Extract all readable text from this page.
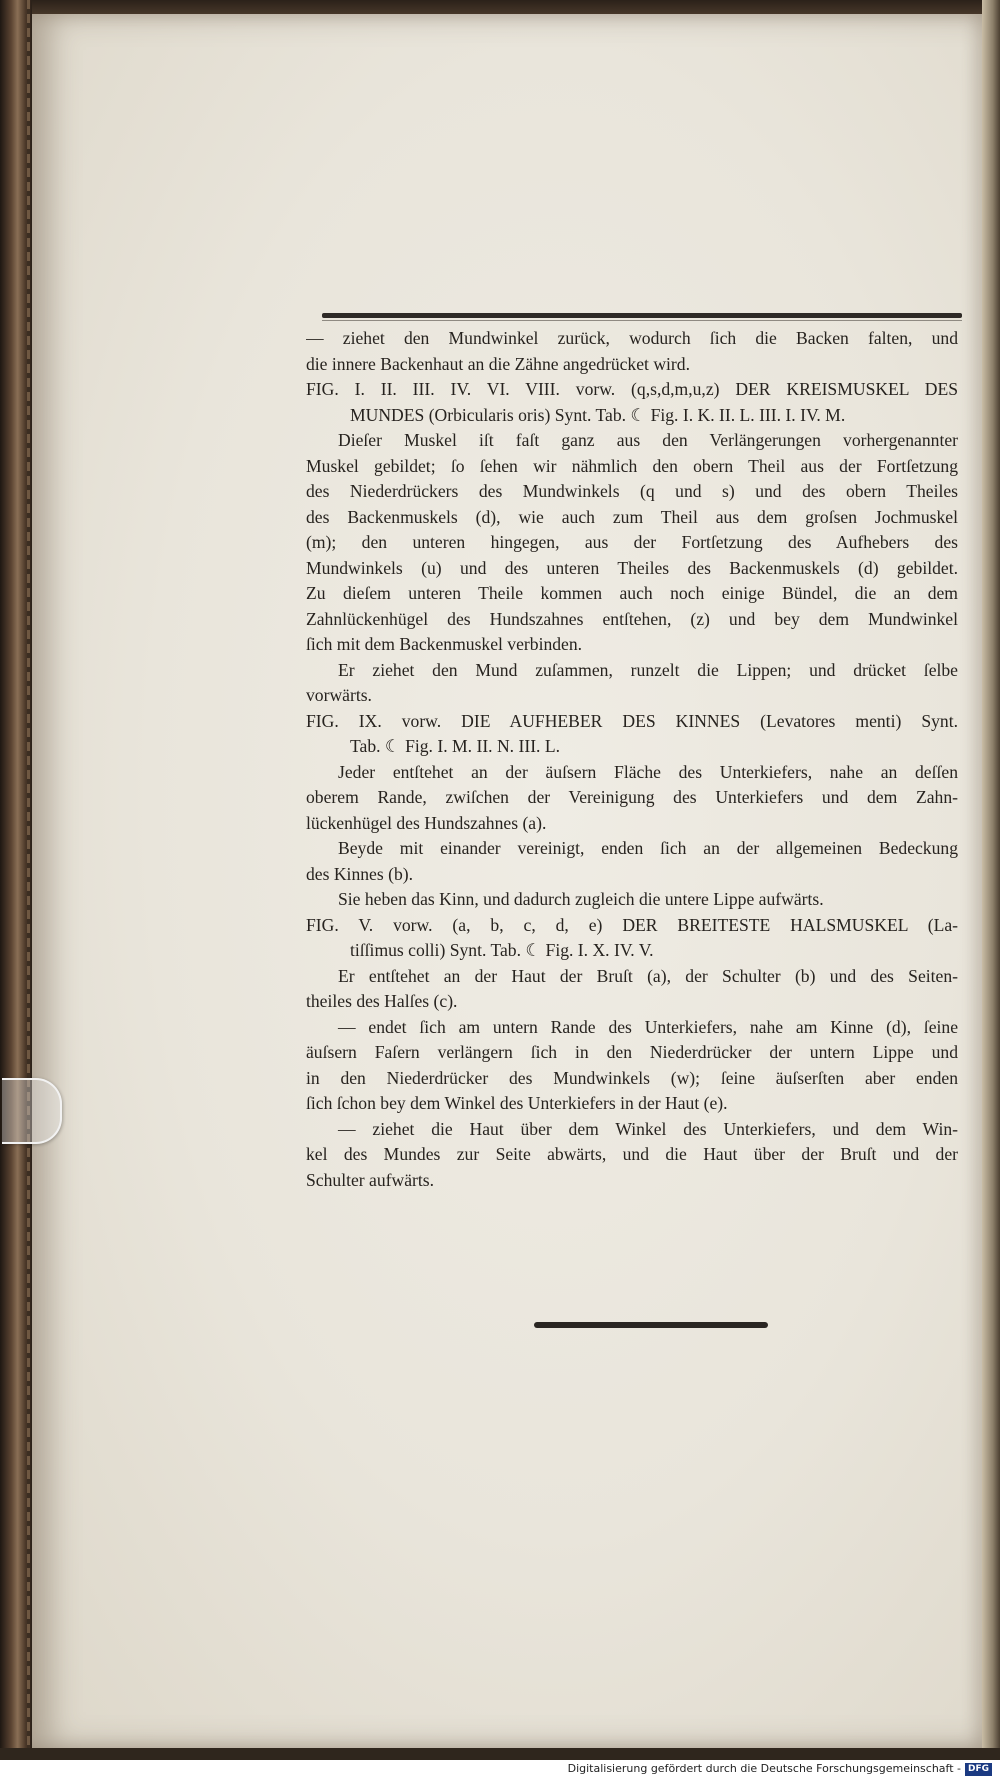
— ziehet den Mundwinkel zurück, wodurch ſich die Backen falten, und
die innere Backenhaut an die Zähne angedrücket wird.
FIG. I. II. III. IV. VI. VIII. vorw. (q,s,d,m,u,z) DER KREISMUSKEL DES
MUNDES (Orbicularis oris) Synt. Tab. ☾ Fig. I. K. II. L. III. I. IV. M.
Dieſer Muskel iſt faſt ganz aus den Verlängerungen vorhergenannter
Muskel gebildet; ſo ſehen wir nähmlich den obern Theil aus der Fortſetzung
des Niederdrückers des Mundwinkels (q und s) und des obern Theiles
des Backenmuskels (d), wie auch zum Theil aus dem groſsen Jochmuskel
(m); den unteren hingegen, aus der Fortſetzung des Aufhebers des
Mundwinkels (u) und des unteren Theiles des Backenmuskels (d) gebildet.
Zu dieſem unteren Theile kommen auch noch einige Bündel, die an dem
Zahnlückenhügel des Hundszahnes entſtehen, (z) und bey dem Mundwinkel
ſich mit dem Backenmuskel verbinden.
Er ziehet den Mund zuſammen, runzelt die Lippen; und drücket ſelbe
vorwärts.
FIG. IX. vorw. DIE AUFHEBER DES KINNES (Levatores menti) Synt.
Tab. ☾ Fig. I. M. II. N. III. L.
Jeder entſtehet an der äuſsern Fläche des Unterkiefers, nahe an deſſen
oberem Rande, zwiſchen der Vereinigung des Unterkiefers und dem Zahn-
lückenhügel des Hundszahnes (a).
Beyde mit einander vereinigt, enden ſich an der allgemeinen Bedeckung
des Kinnes (b).
Sie heben das Kinn, und dadurch zugleich die untere Lippe aufwärts.
FIG. V. vorw. (a, b, c, d, e) DER BREITESTE HALSMUSKEL (La-
tiſſimus colli) Synt. Tab. ☾ Fig. I. X. IV. V.
Er entſtehet an der Haut der Bruſt (a), der Schulter (b) und des Seiten-
theiles des Halſes (c).
— endet ſich am untern Rande des Unterkiefers, nahe am Kinne (d), ſeine
äuſsern Faſern verlängern ſich in den Niederdrücker der untern Lippe und
in den Niederdrücker des Mundwinkels (w); ſeine äuſserſten aber enden
ſich ſchon bey dem Winkel des Unterkiefers in der Haut (e).
— ziehet die Haut über dem Winkel des Unterkiefers, und dem Win-
kel des Mundes zur Seite abwärts, und die Haut über der Bruſt und der
Schulter aufwärts.
Digitalisierung gefördert durch die Deutsche Forschungsgemeinschaft - DFG
